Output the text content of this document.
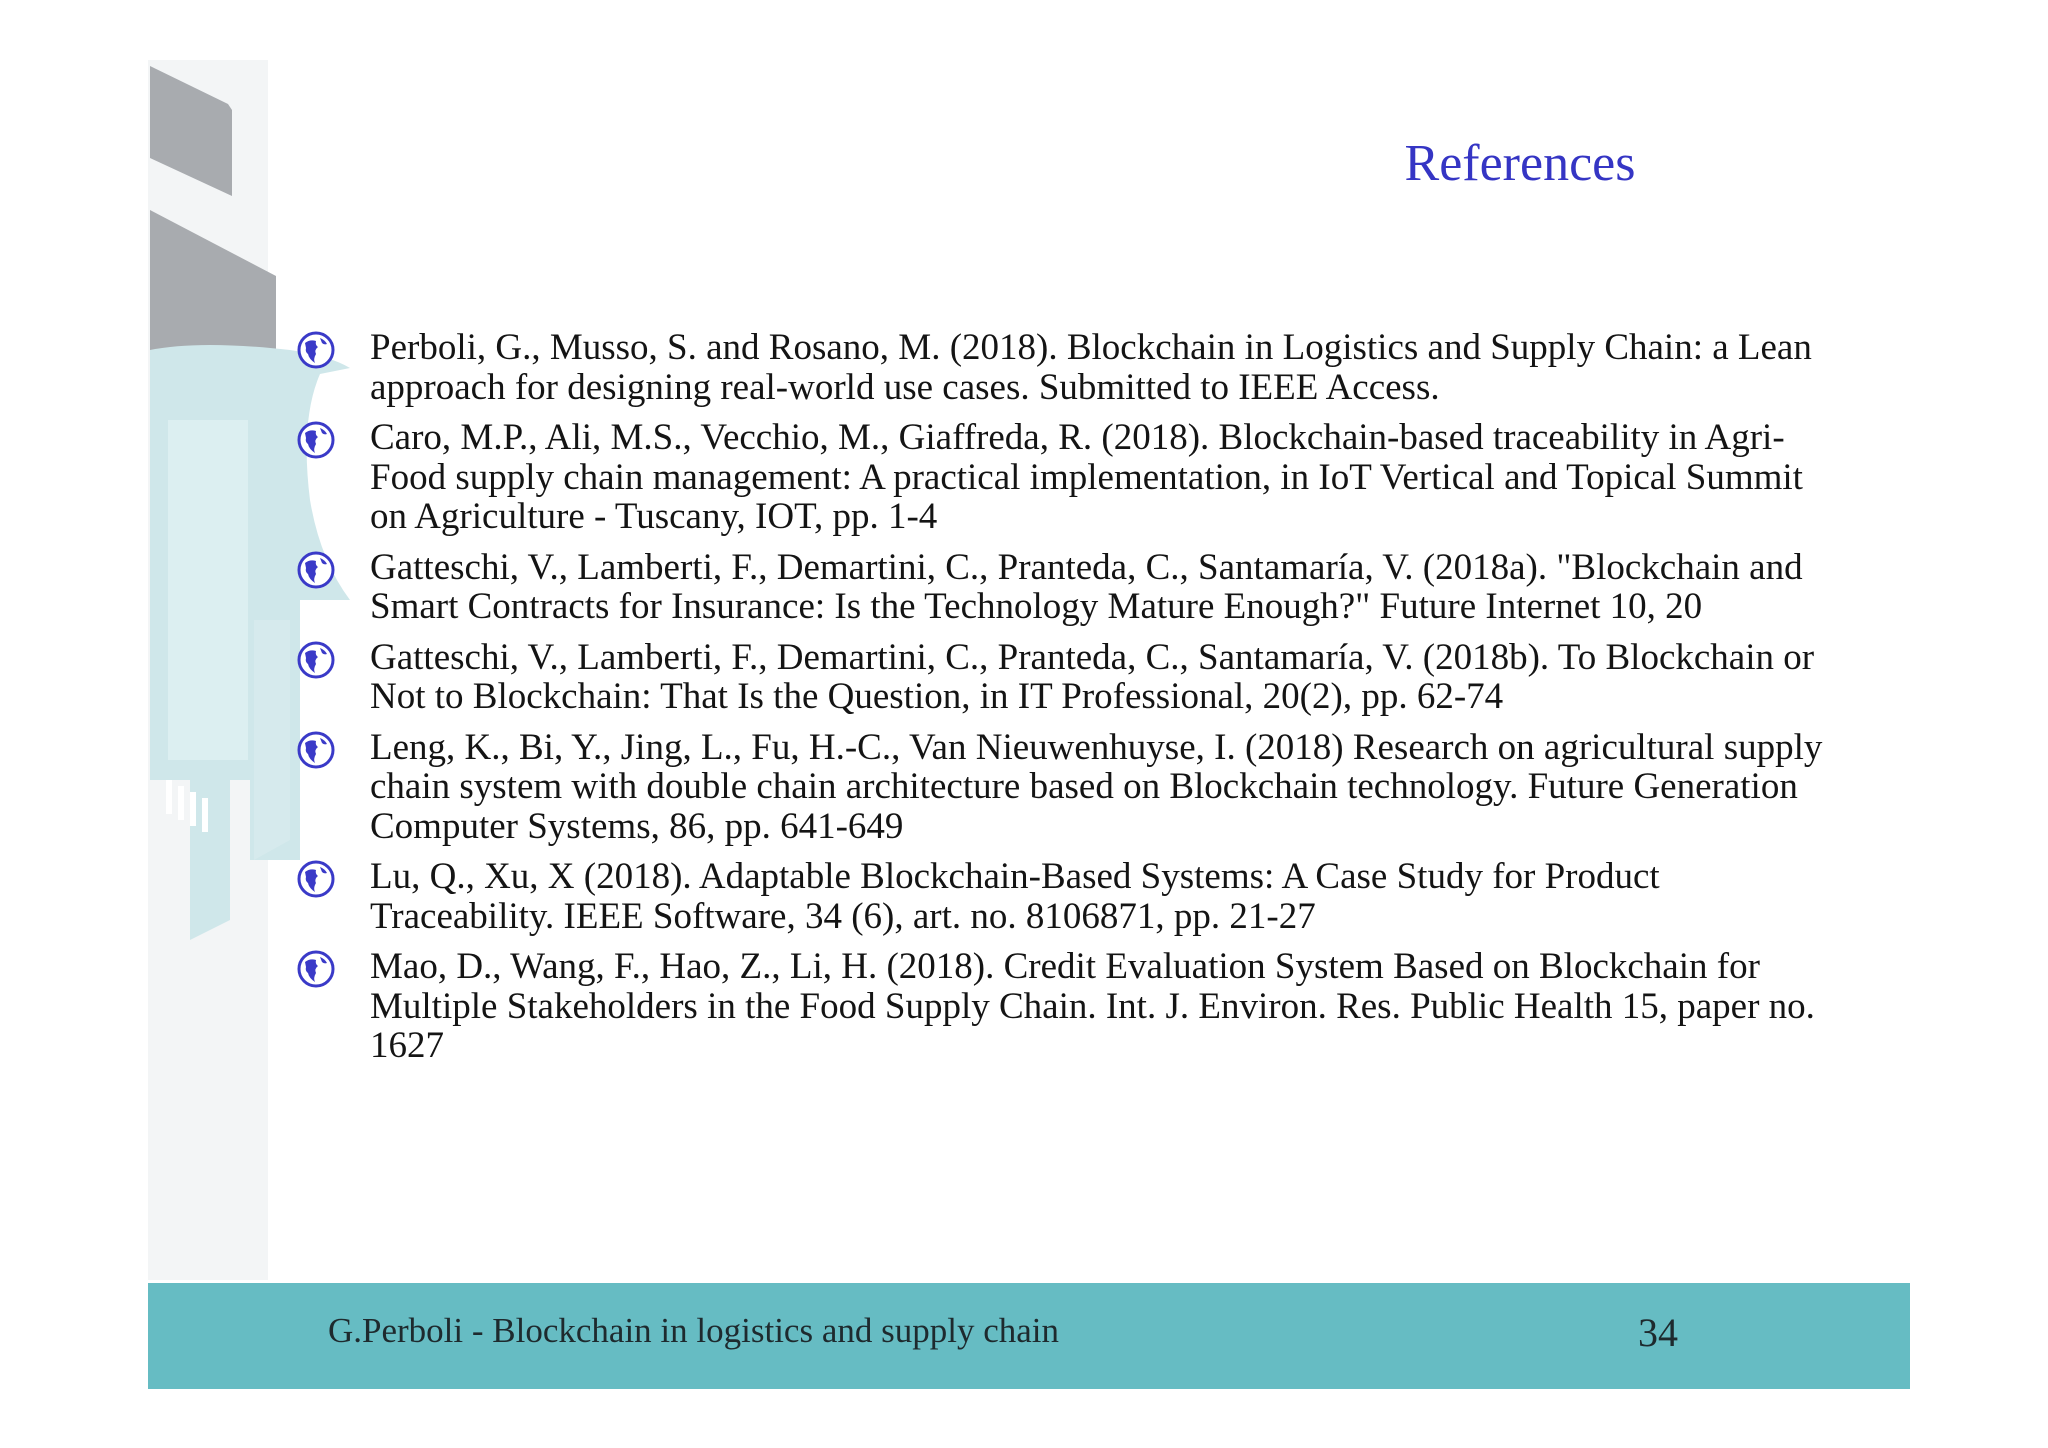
References
Perboli, G., Musso, S. and Rosano, M. (2018). Blockchain in Logistics and Supply Chain: a Lean approach for designing real-world use cases. Submitted to IEEE Access.
Caro, M.P., Ali, M.S., Vecchio, M., Giaffreda, R. (2018). Blockchain-based traceability in Agri-Food supply chain management: A practical implementation, in IoT Vertical and Topical Summit on Agriculture - Tuscany, IOT, pp. 1-4
Gatteschi, V., Lamberti, F., Demartini, C., Pranteda, C., Santamaría, V. (2018a). "Blockchain and Smart Contracts for Insurance: Is the Technology Mature Enough?" Future Internet 10, 20
Gatteschi, V., Lamberti, F., Demartini, C., Pranteda, C., Santamaría, V. (2018b). To Blockchain or Not to Blockchain: That Is the Question, in IT Professional, 20(2), pp. 62-74
Leng, K., Bi, Y., Jing, L., Fu, H.-C., Van Nieuwenhuyse, I. (2018) Research on agricultural supply chain system with double chain architecture based on Blockchain technology. Future Generation Computer Systems, 86, pp. 641-649
Lu, Q., Xu, X (2018). Adaptable Blockchain-Based Systems: A Case Study for Product Traceability. IEEE Software, 34 (6), art. no. 8106871, pp. 21-27
Mao, D., Wang, F., Hao, Z., Li, H. (2018). Credit Evaluation System Based on Blockchain for Multiple Stakeholders in the Food Supply Chain. Int. J. Environ. Res. Public Health 15, paper no. 1627
G.Perboli - Blockchain in logistics and supply chain	34
